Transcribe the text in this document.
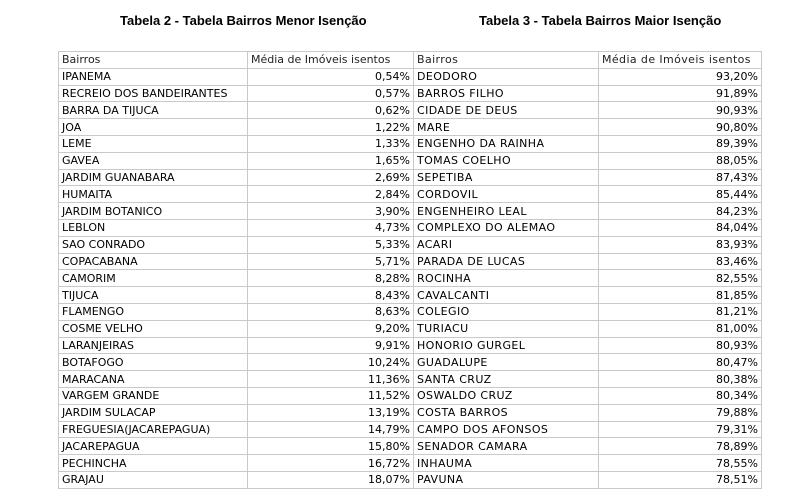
Tabela 2 - Tabela Bairros Menor Isenção	Tabela 3 - Tabela Bairros Maior Isenção
Bairros	Média de Imóveis isentos
IPANEMA	0,54%
RECREIO DOS BANDEIRANTES	0,57%
BARRA DA TIJUCA	0,62%
JOA	1,22%
LEME	1,33%
GAVEA	1,65%
JARDIM GUANABARA	2,69%
HUMAITA	2,84%
JARDIM BOTANICO	3,90%
LEBLON	4,73%
SAO CONRADO	5,33%
COPACABANA	5,71%
CAMORIM	8,28%
TIJUCA	8,43%
FLAMENGO	8,63%
COSME VELHO	9,20%
LARANJEIRAS	9,91%
BOTAFOGO	10,24%
MARACANA	11,36%
VARGEM GRANDE	11,52%
JARDIM SULACAP	13,19%
FREGUESIA(JACAREPAGUA)	14,79%
JACAREPAGUA	15,80%
PECHINCHA	16,72%
GRAJAU	18,07%
Bairros	Média de Imóveis isentos
DEODORO	93,20%
BARROS FILHO	91,89%
CIDADE DE DEUS	90,93%
MARE	90,80%
ENGENHO DA RAINHA	89,39%
TOMAS COELHO	88,05%
SEPETIBA	87,43%
CORDOVIL	85,44%
ENGENHEIRO LEAL	84,23%
COMPLEXO DO ALEMAO	84,04%
ACARI	83,93%
PARADA DE LUCAS	83,46%
ROCINHA	82,55%
CAVALCANTI	81,85%
COLEGIO	81,21%
TURIACU	81,00%
HONORIO GURGEL	80,93%
GUADALUPE	80,47%
SANTA CRUZ	80,38%
OSWALDO CRUZ	80,34%
COSTA BARROS	79,88%
CAMPO DOS AFONSOS	79,31%
SENADOR CAMARA	78,89%
INHAUMA	78,55%
PAVUNA	78,51%
